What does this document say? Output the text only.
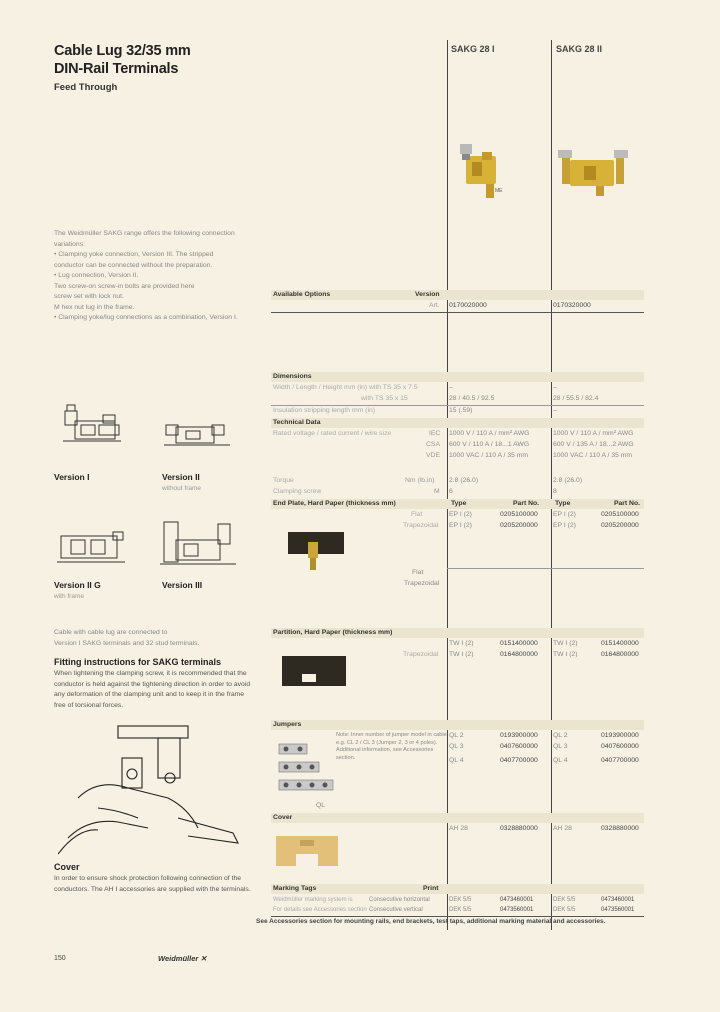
Cable Lug 32/35 mm
DIN-Rail Terminals
Feed Through
SAKG 28 I	SAKG 28 II
ME
The Weidmüller SAKG range offers the following connection
variations:
• Clamping yoke connection, Version III. The stripped
conductor can be connected without the preparation.
• Lug connection, Version II.
Two screw-on screw-in bolts are provided here
screw set with lock nut.
M hex nut lug in the frame.
• Clamping yoke/lug connections as a combination, Version I.
Version I	Version II
without frame
Version II G
with frame
Version III
Cable with cable lug are connected to
Version I SAKG terminals and 32 stud terminals.
Fitting instructions for SAKG terminals
When tightening the clamping screw, it is recommended that the
conductor is held against the tightening direction in order to avoid
any deformation of the clamping unit and to keep it in the frame
free of torsional forces.
Cover
In order to ensure shock protection following connection of the
conductors. The AH I accessories are supplied with the terminals.
Available Options	Version
Art. 0170020000	0170320000
Dimensions
Width / Length / Height mm (in) with TS 35 x 7.5	–	–
with TS 35 x 15	28 / 40.5 / 92.5	28 / 55.5 / 82.4
Insulation stripping length mm (in)	15 (.59)	–
Technical Data
Rated voltage / rated current / wire size	IEC 1000 V / 110 A / mm² AWG	1000 V / 110 A / mm² AWG
CSA 600 V / 110 A / 18...1 AWG	600 V / 135 A / 18...2 AWG
VDE 1000 VAC / 110 A / 35 mm	1000 VAC / 110 A / 35 mm
Torque	Nm (lb.in) 2.8 (26.0)	2.8 (26.0)
Clamping screw	M 6	8
End Plate, Hard Paper (thickness mm)	Type	Part No. Type	Part No.
Flat	EP I (2)	0205100000 EP I (2)	0205100000
Trapezoidal EP I (2)	0205200000 EP I (2)	0205200000
Flat
Trapezoidal
Partition, Hard Paper (thickness mm)
TW I (2)	0151400000 TW I (2)	0151400000
Trapezoidal TW I (2)	0164800000 TW I (2)	0164800000
Jumpers
Note: Inner number of jumper model in cable
e.g. CL 2 / CL 3 (Jumper 2, 3 or 4 poles).
Additional information, see Accessories
section.
QL 2	0193900000 QL 2	0193900000
QL 3	0407600000 QL 3	0407600000
QL 4	0407700000 QL 4	0407700000
QL
Cover
AH 28	0328880000 AH 28	0328880000
Marking Tags	Print
Weidmüller marking system is	Consecutive horizontal	DEK 5/5	0473460001	DEK 5/5	0473460001
For details see Accessories section Consecutive vertical	DEK 5/5	0473560001	DEK 5/5	0473560001
See Accessories section for mounting rails, end brackets, test taps, additional marking material and accessories.
150	Weidmüller ✕
